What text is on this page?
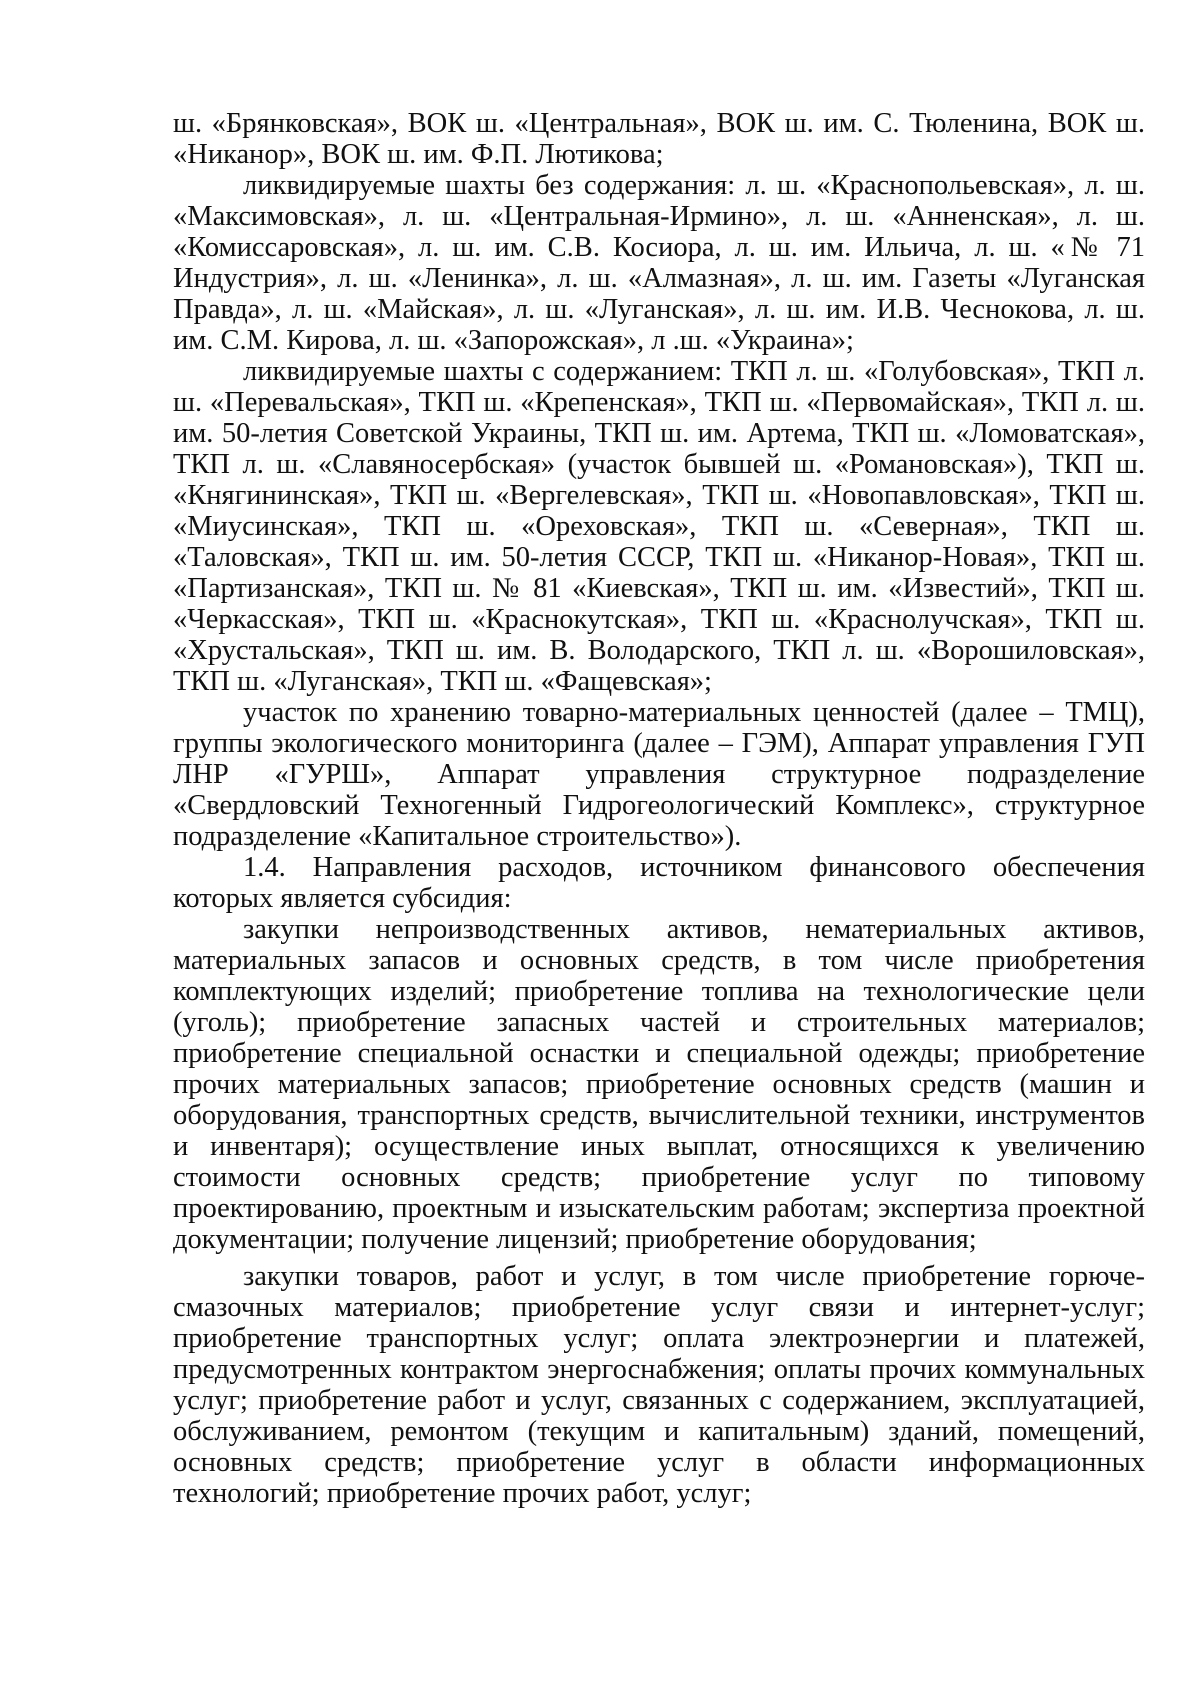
ш. «Брянковская», ВОК ш. «Центральная», ВОК ш. им. С. Тюленина, ВОК ш. «Никанор», ВОК ш. им. Ф.П. Лютикова;

ликвидируемые шахты без содержания: л. ш. «Краснопольевская», л. ш. «Максимовская», л. ш. «Центральная-Ирмино», л. ш. «Анненская», л. ш. «Комиссаровская», л. ш. им. С.В. Косиора, л. ш. им. Ильича, л. ш. «№ 71 Индустрия», л. ш. «Ленинка», л. ш. «Алмазная», л. ш. им. Газеты «Луганская Правда», л. ш. «Майская», л. ш. «Луганская», л. ш. им. И.В. Чеснокова, л. ш. им. С.М. Кирова, л. ш. «Запорожская», л .ш. «Украина»;

ликвидируемые шахты с содержанием: ТКП л. ш. «Голубовская», ТКП л. ш. «Перевальская», ТКП ш. «Крепенская», ТКП ш. «Первомайская», ТКП л. ш. им. 50-летия Советской Украины, ТКП ш. им. Артема, ТКП ш. «Ломоватская», ТКП л. ш. «Славяносербская» (участок бывшей ш. «Романовская»), ТКП ш. «Княгининская», ТКП ш. «Вергелевская», ТКП ш. «Новопавловская», ТКП ш. «Миусинская», ТКП ш. «Ореховская», ТКП ш. «Северная», ТКП ш. «Таловская», ТКП ш. им. 50-летия СССР, ТКП ш. «Никанор-Новая», ТКП ш. «Партизанская», ТКП ш. № 81 «Киевская», ТКП ш. им. «Известий», ТКП ш. «Черкасская», ТКП ш. «Краснокутская», ТКП ш. «Краснолучская», ТКП ш. «Хрустальская», ТКП ш. им. В. Володарского, ТКП л. ш. «Ворошиловская», ТКП ш. «Луганская», ТКП ш. «Фащевская»;

участок по хранению товарно-материальных ценностей (далее – ТМЦ), группы экологического мониторинга (далее – ГЭМ), Аппарат управления ГУП ЛНР «ГУРШ», Аппарат управления структурное подразделение «Свердловский Техногенный Гидрогеологический Комплекс», структурное подразделение «Капитальное строительство»).

1.4. Направления расходов, источником финансового обеспечения которых является субсидия:

закупки непроизводственных активов, нематериальных активов, материальных запасов и основных средств, в том числе приобретения комплектующих изделий; приобретение топлива на технологические цели (уголь); приобретение запасных частей и строительных материалов; приобретение специальной оснастки и специальной одежды; приобретение прочих материальных запасов; приобретение основных средств (машин и оборудования, транспортных средств, вычислительной техники, инструментов и инвентаря); осуществление иных выплат, относящихся к увеличению стоимости основных средств; приобретение услуг по типовому проектированию, проектным и изыскательским работам; экспертиза проектной документации; получение лицензий; приобретение оборудования;

закупки товаров, работ и услуг, в том числе приобретение горюче-смазочных материалов; приобретение услуг связи и интернет-услуг; приобретение транспортных услуг; оплата электроэнергии и платежей, предусмотренных контрактом энергоснабжения; оплаты прочих коммунальных услуг; приобретение работ и услуг, связанных с содержанием, эксплуатацией, обслуживанием, ремонтом (текущим и капитальным) зданий, помещений, основных средств; приобретение услуг в области информационных технологий; приобретение прочих работ, услуг;
